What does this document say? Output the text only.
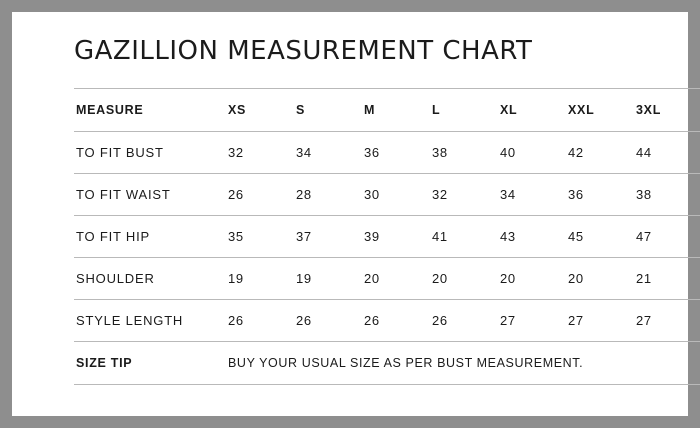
GAZILLION MEASUREMENT CHART
MEASURE	XS	S	M	L	XL	XXL	3XL
TO FIT BUST	32	34	36	38	40	42	44
TO FIT WAIST	26	28	30	32	34	36	38
TO FIT HIP	35	37	39	41	43	45	47
SHOULDER	19	19	20	20	20	20	21
STYLE LENGTH	26	26	26	26	27	27	27
SIZE TIP	BUY YOUR USUAL SIZE AS PER BUST MEASUREMENT.						
